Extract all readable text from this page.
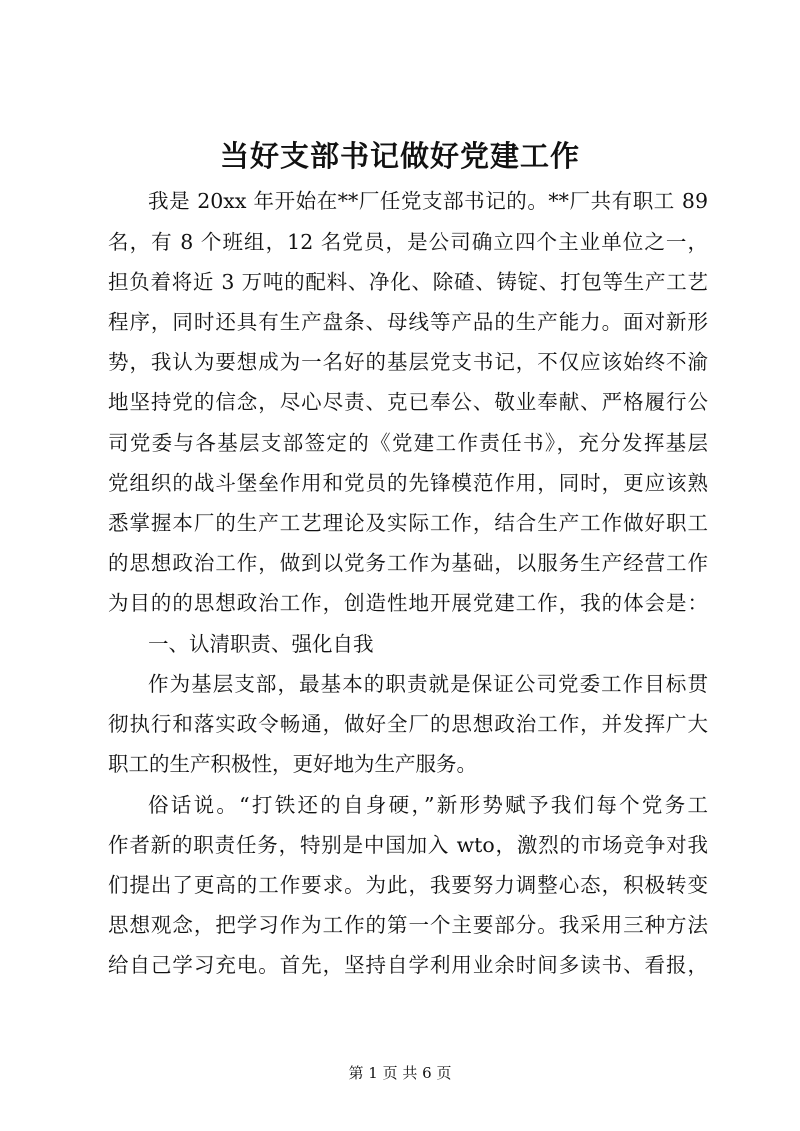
当好支部书记做好党建工作
我是 20xx 年开始在**厂任党支部书记的。**厂共有职工 89
名，有 8 个班组，12 名党员，是公司确立四个主业单位之一，
担负着将近 3 万吨的配料、净化、除碴、铸锭、打包等生产工艺
程序，同时还具有生产盘条、母线等产品的生产能力。面对新形
势，我认为要想成为一名好的基层党支书记，不仅应该始终不渝
地坚持党的信念，尽心尽责、克已奉公、敬业奉献、严格履行公
司党委与各基层支部签定的《党建工作责任书》，充分发挥基层
党组织的战斗堡垒作用和党员的先锋模范作用，同时，更应该熟
悉掌握本厂的生产工艺理论及实际工作，结合生产工作做好职工
的思想政治工作，做到以党务工作为基础，以服务生产经营工作
为目的的思想政治工作，创造性地开展党建工作，我的体会是：
一、认清职责、强化自我
作为基层支部，最基本的职责就是保证公司党委工作目标贯
彻执行和落实政令畅通，做好全厂的思想政治工作，并发挥广大
职工的生产积极性，更好地为生产服务。
俗话说。“打铁还的自身硬，”新形势赋予我们每个党务工
作者新的职责任务，特别是中国加入 wto，激烈的市场竞争对我
们提出了更高的工作要求。为此，我要努力调整心态，积极转变
思想观念，把学习作为工作的第一个主要部分。我采用三种方法
给自己学习充电。首先，坚持自学利用业余时间多读书、看报，
第 1 页 共 6 页
